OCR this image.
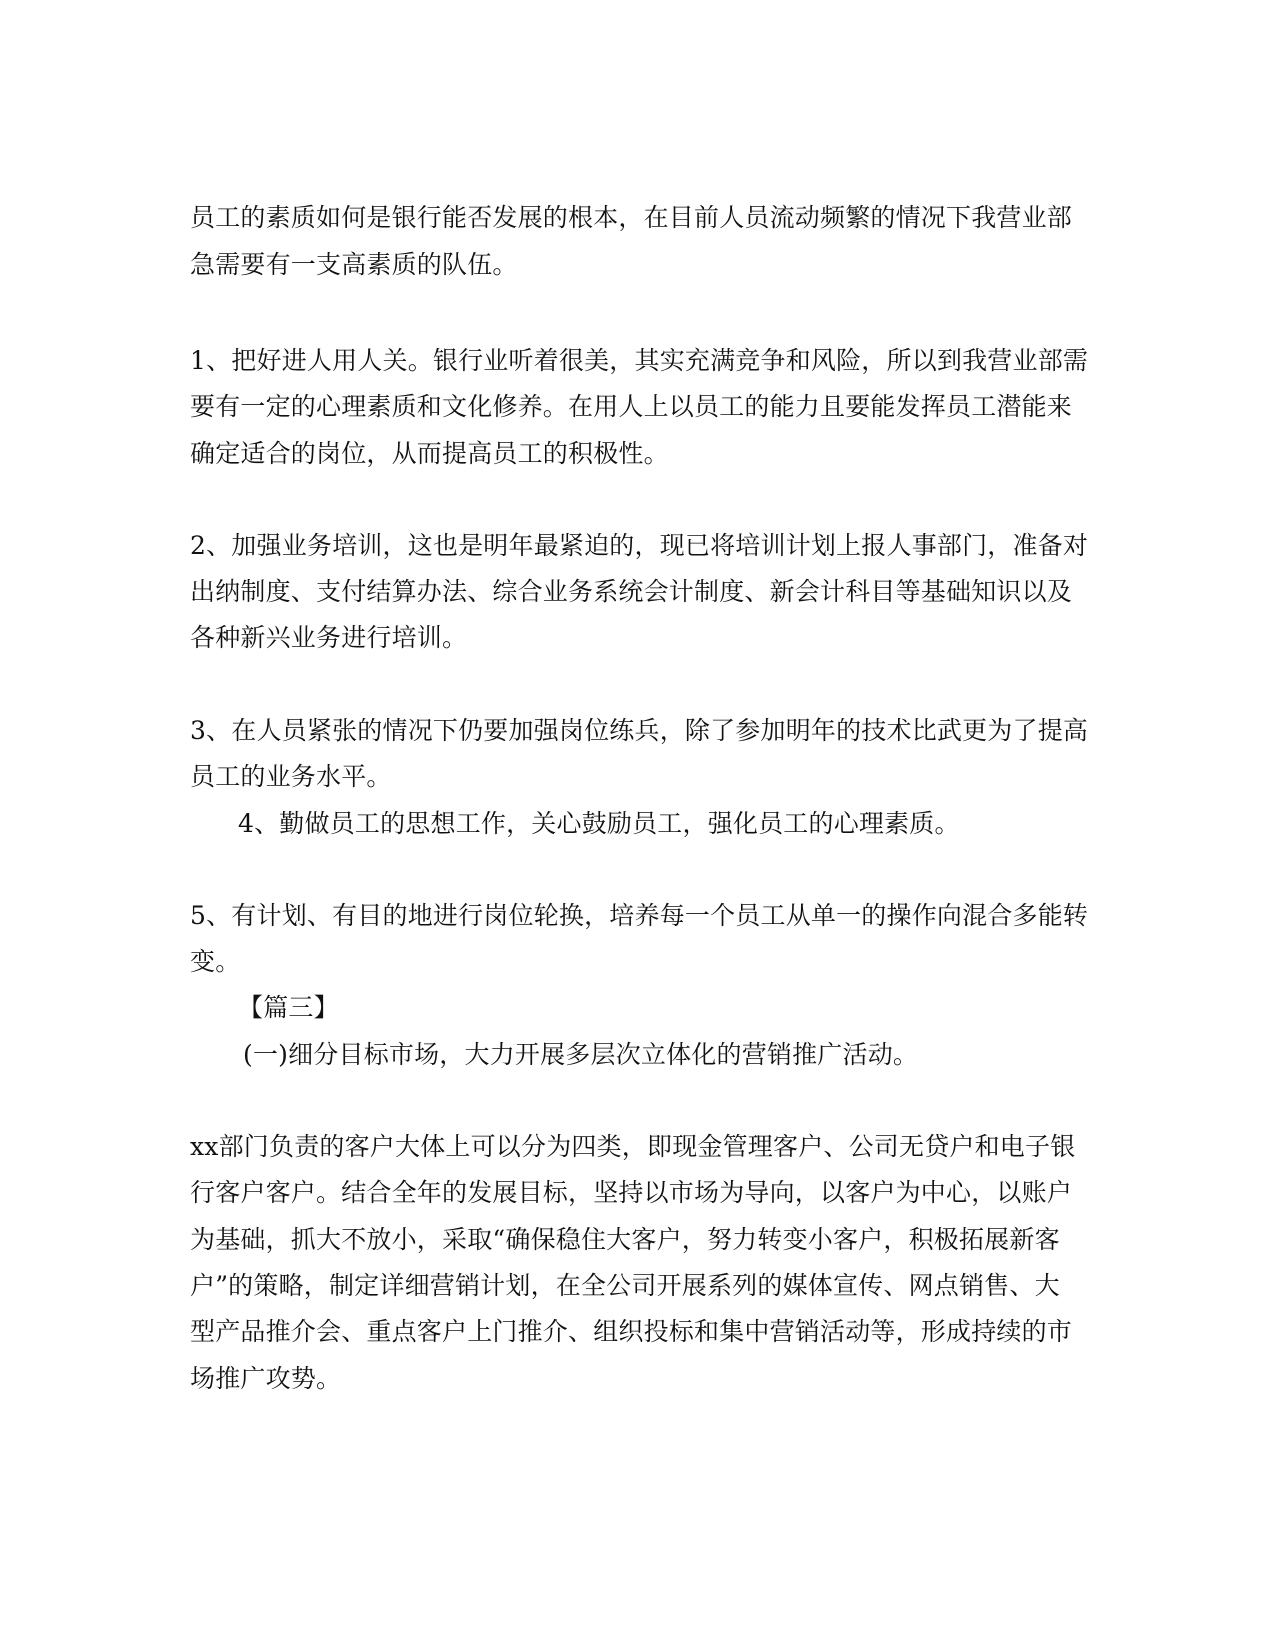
员工的素质如何是银行能否发展的根本，在目前人员流动频繁的情况下我营业部
急需要有一支高素质的队伍。
1、把好进人用人关。银行业听着很美，其实充满竞争和风险，所以到我营业部需
要有一定的心理素质和文化修养。在用人上以员工的能力且要能发挥员工潜能来
确定适合的岗位，从而提高员工的积极性。
2、加强业务培训，这也是明年最紧迫的，现已将培训计划上报人事部门，准备对
出纳制度、支付结算办法、综合业务系统会计制度、新会计科目等基础知识以及
各种新兴业务进行培训。
3、在人员紧张的情况下仍要加强岗位练兵，除了参加明年的技术比武更为了提高
员工的业务水平。
4、勤做员工的思想工作，关心鼓励员工，强化员工的心理素质。
5、有计划、有目的地进行岗位轮换，培养每一个员工从单一的操作向混合多能转
变。
【篇三】
(一)细分目标市场，大力开展多层次立体化的营销推广活动。
xx部门负责的客户大体上可以分为四类，即现金管理客户、公司无贷户和电子银
行客户客户。结合全年的发展目标，坚持以市场为导向，以客户为中心，以账户
为基础，抓大不放小，采取“确保稳住大客户，努力转变小客户，积极拓展新客
户”的策略，制定详细营销计划，在全公司开展系列的媒体宣传、网点销售、大
型产品推介会、重点客户上门推介、组织投标和集中营销活动等，形成持续的市
场推广攻势。
